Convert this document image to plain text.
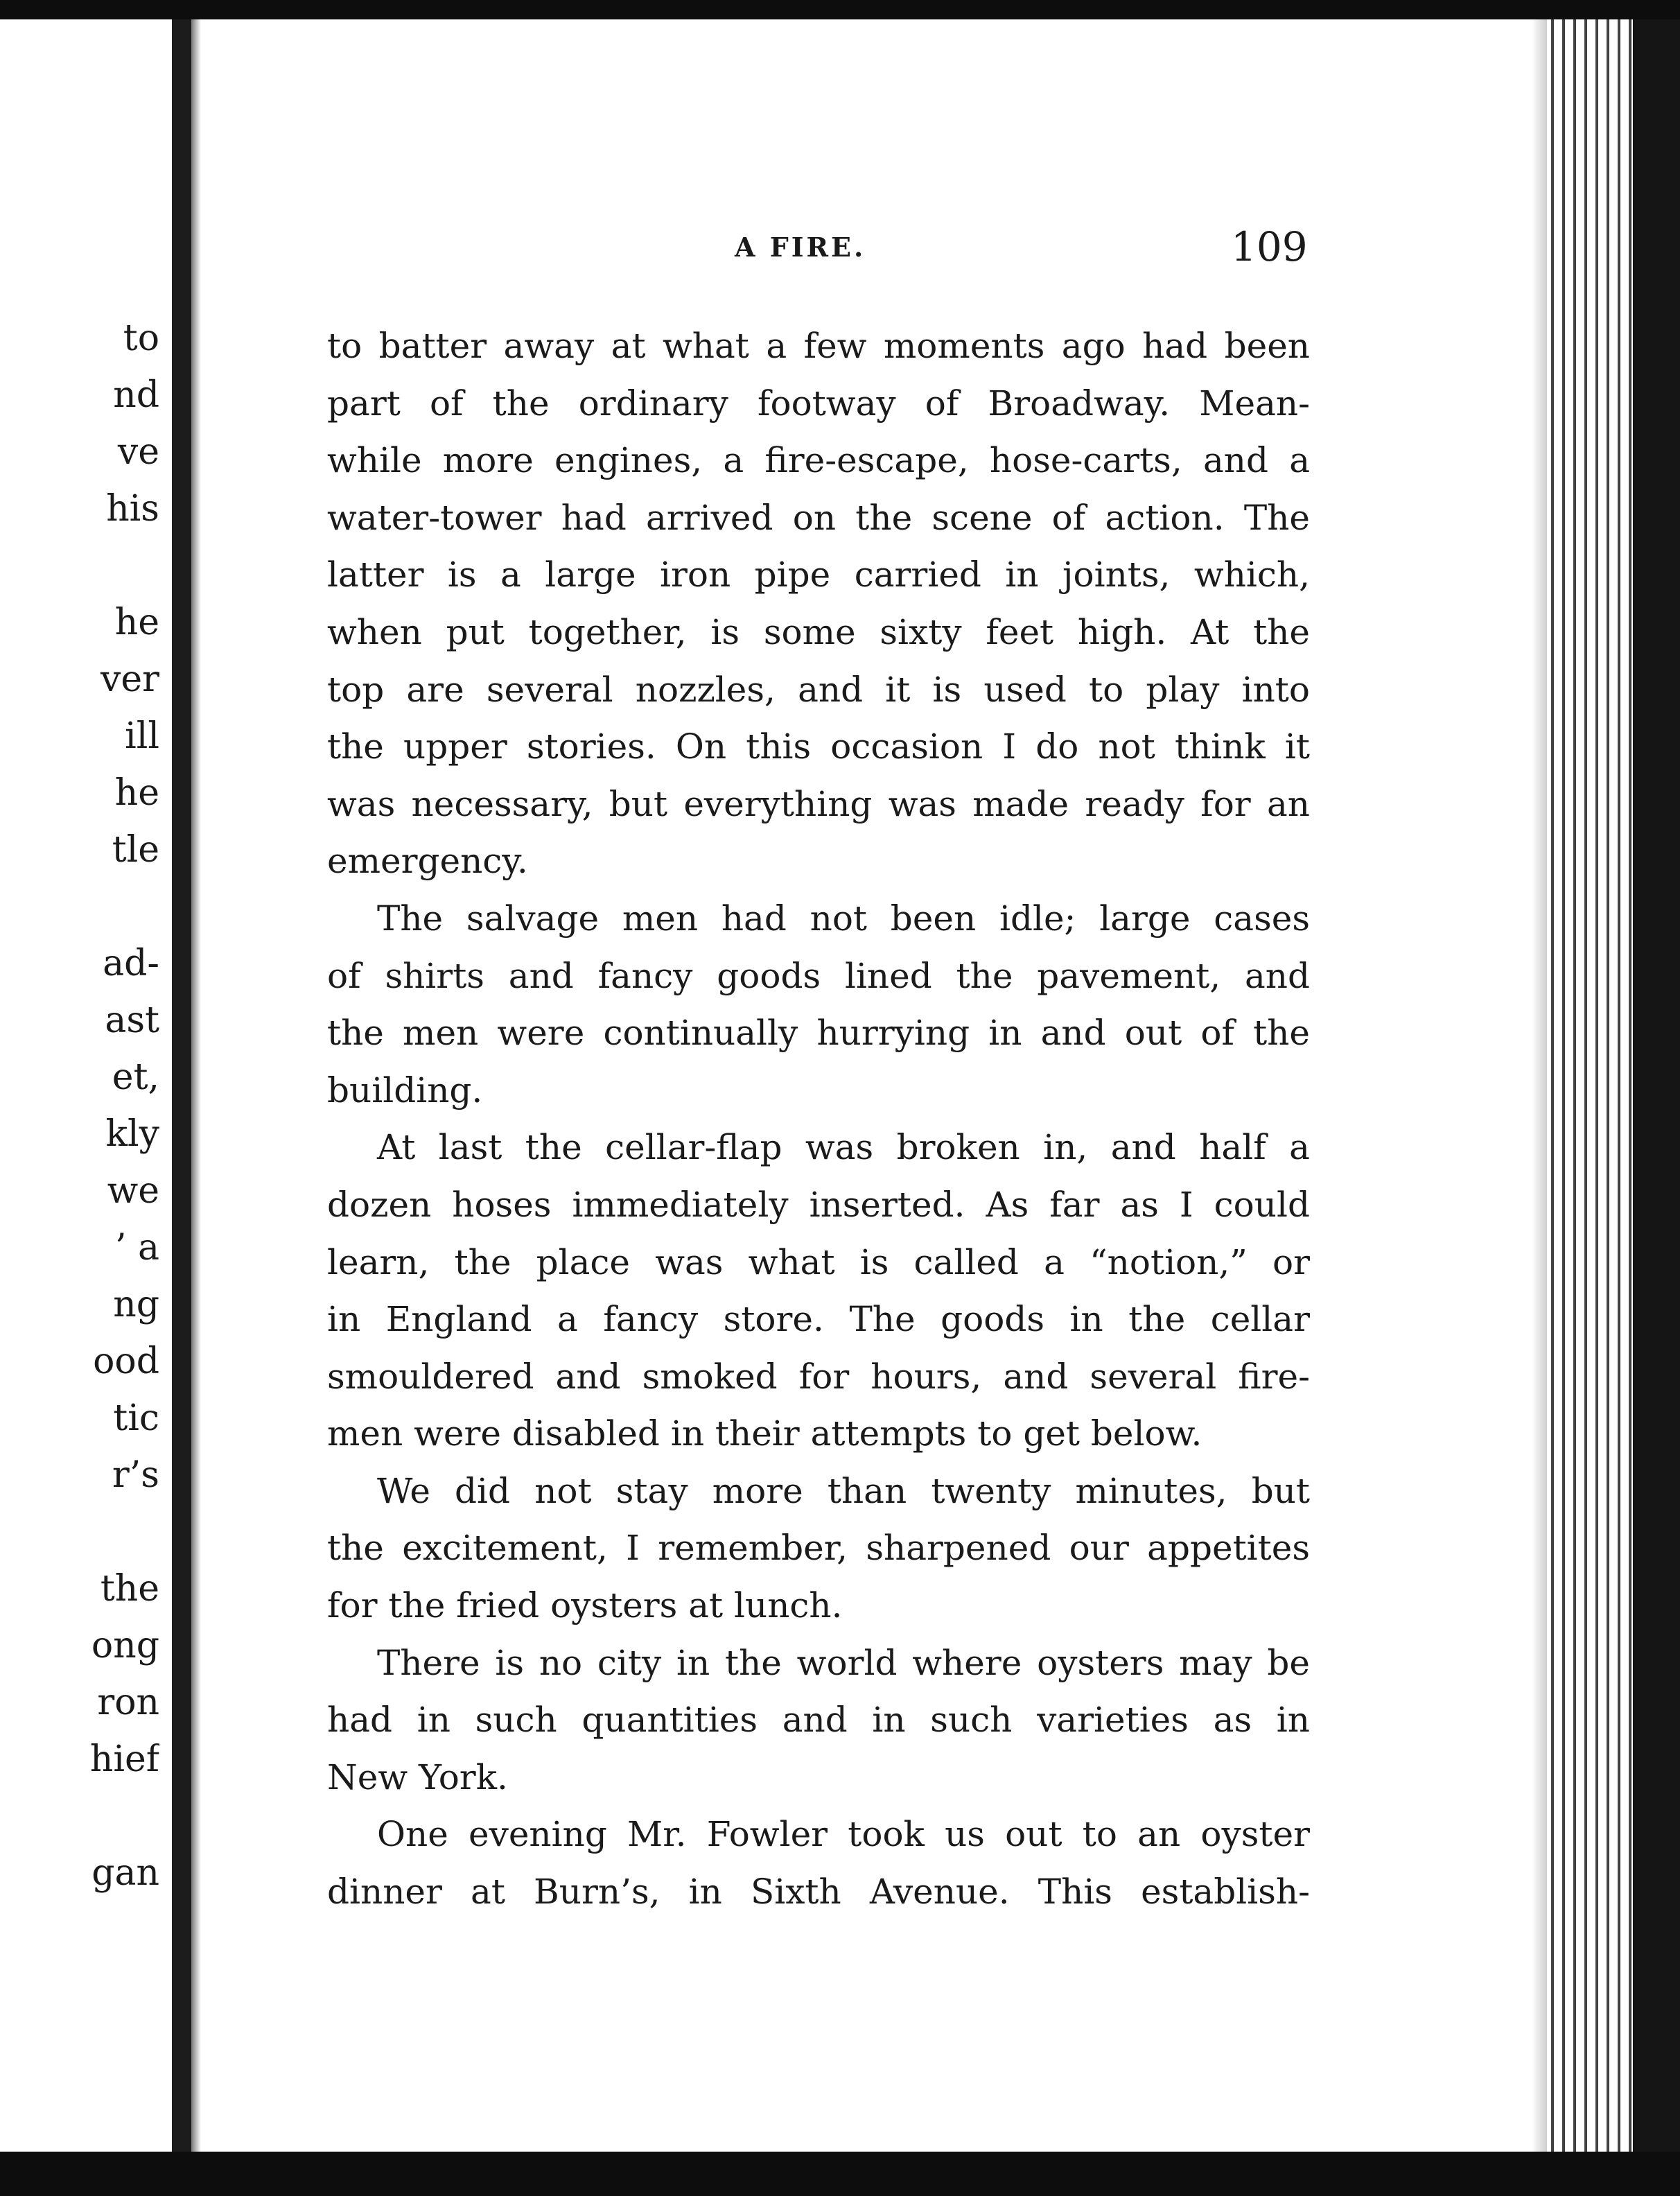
to
nd
ve
his
he
ver
ill
he
tle
ad-
ast
et,
kly
we
’ a
ng
ood
tic
r’s
the
ong
ron
hief
gan
A FIRE.	109
to batter away at what a few moments ago had been
part of the ordinary footway of Broadway. Mean-
while more engines, a fire-escape, hose-carts, and a
water-tower had arrived on the scene of action. The
latter is a large iron pipe carried in joints, which,
when put together, is some sixty feet high. At the
top are several nozzles, and it is used to play into
the upper stories. On this occasion I do not think it
was necessary, but everything was made ready for an
emergency.
The salvage men had not been idle; large cases
of shirts and fancy goods lined the pavement, and
the men were continually hurrying in and out of the
building.
At last the cellar-flap was broken in, and half a
dozen hoses immediately inserted. As far as I could
learn, the place was what is called a “notion,” or
in England a fancy store. The goods in the cellar
smouldered and smoked for hours, and several fire-
men were disabled in their attempts to get below.
We did not stay more than twenty minutes, but
the excitement, I remember, sharpened our appetites
for the fried oysters at lunch.
There is no city in the world where oysters may be
had in such quantities and in such varieties as in
New York.
One evening Mr. Fowler took us out to an oyster
dinner at Burn’s, in Sixth Avenue. This establish-
